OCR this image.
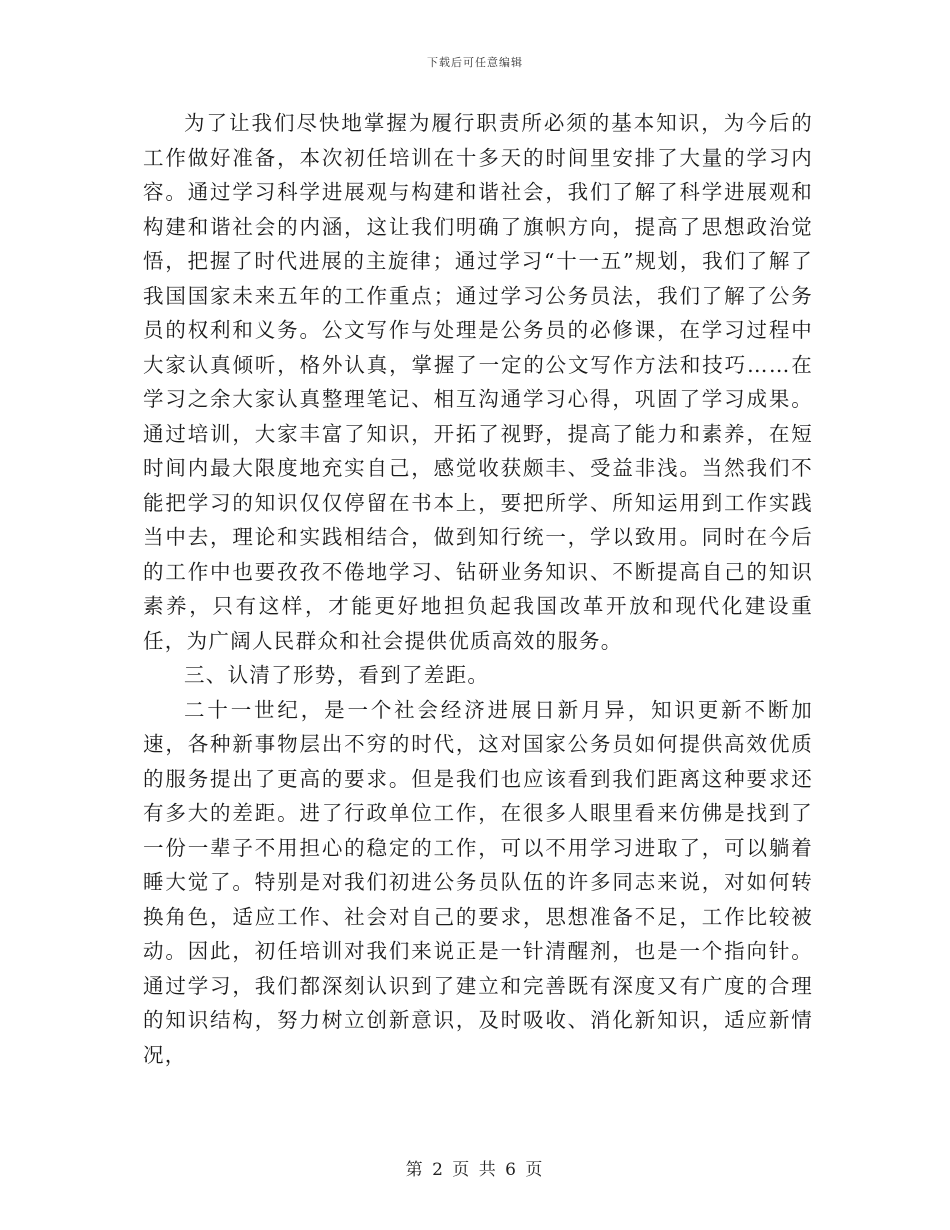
下载后可任意编辑

为了让我们尽快地掌握为履行职责所必须的基本知识，为今后的工作做好准备，本次初任培训在十多天的时间里安排了大量的学习内容。通过学习科学进展观与构建和谐社会，我们了解了科学进展观和构建和谐社会的内涵，这让我们明确了旗帜方向，提高了思想政治觉悟，把握了时代进展的主旋律；通过学习“十一五”规划，我们了解了我国国家未来五年的工作重点；通过学习公务员法，我们了解了公务员的权利和义务。公文写作与处理是公务员的必修课，在学习过程中大家认真倾听，格外认真，掌握了一定的公文写作方法和技巧……在学习之余大家认真整理笔记、相互沟通学习心得，巩固了学习成果。通过培训，大家丰富了知识，开拓了视野，提高了能力和素养，在短时间内最大限度地充实自己，感觉收获颇丰、受益非浅。当然我们不能把学习的知识仅仅停留在书本上，要把所学、所知运用到工作实践当中去，理论和实践相结合，做到知行统一，学以致用。同时在今后的工作中也要孜孜不倦地学习、钻研业务知识、不断提高自己的知识素养，只有这样，才能更好地担负起我国改革开放和现代化建设重任，为广阔人民群众和社会提供优质高效的服务。

三、认清了形势，看到了差距。

二十一世纪，是一个社会经济进展日新月异，知识更新不断加速，各种新事物层出不穷的时代，这对国家公务员如何提供高效优质的服务提出了更高的要求。但是我们也应该看到我们距离这种要求还有多大的差距。进了行政单位工作，在很多人眼里看来仿佛是找到了一份一辈子不用担心的稳定的工作，可以不用学习进取了，可以躺着睡大觉了。特别是对我们初进公务员队伍的许多同志来说，对如何转换角色，适应工作、社会对自己的要求，思想准备不足，工作比较被动。因此，初任培训对我们来说正是一针清醒剂，也是一个指向针。通过学习，我们都深刻认识到了建立和完善既有深度又有广度的合理的知识结构，努力树立创新意识，及时吸收、消化新知识，适应新情况，

第 2 页 共 6 页
